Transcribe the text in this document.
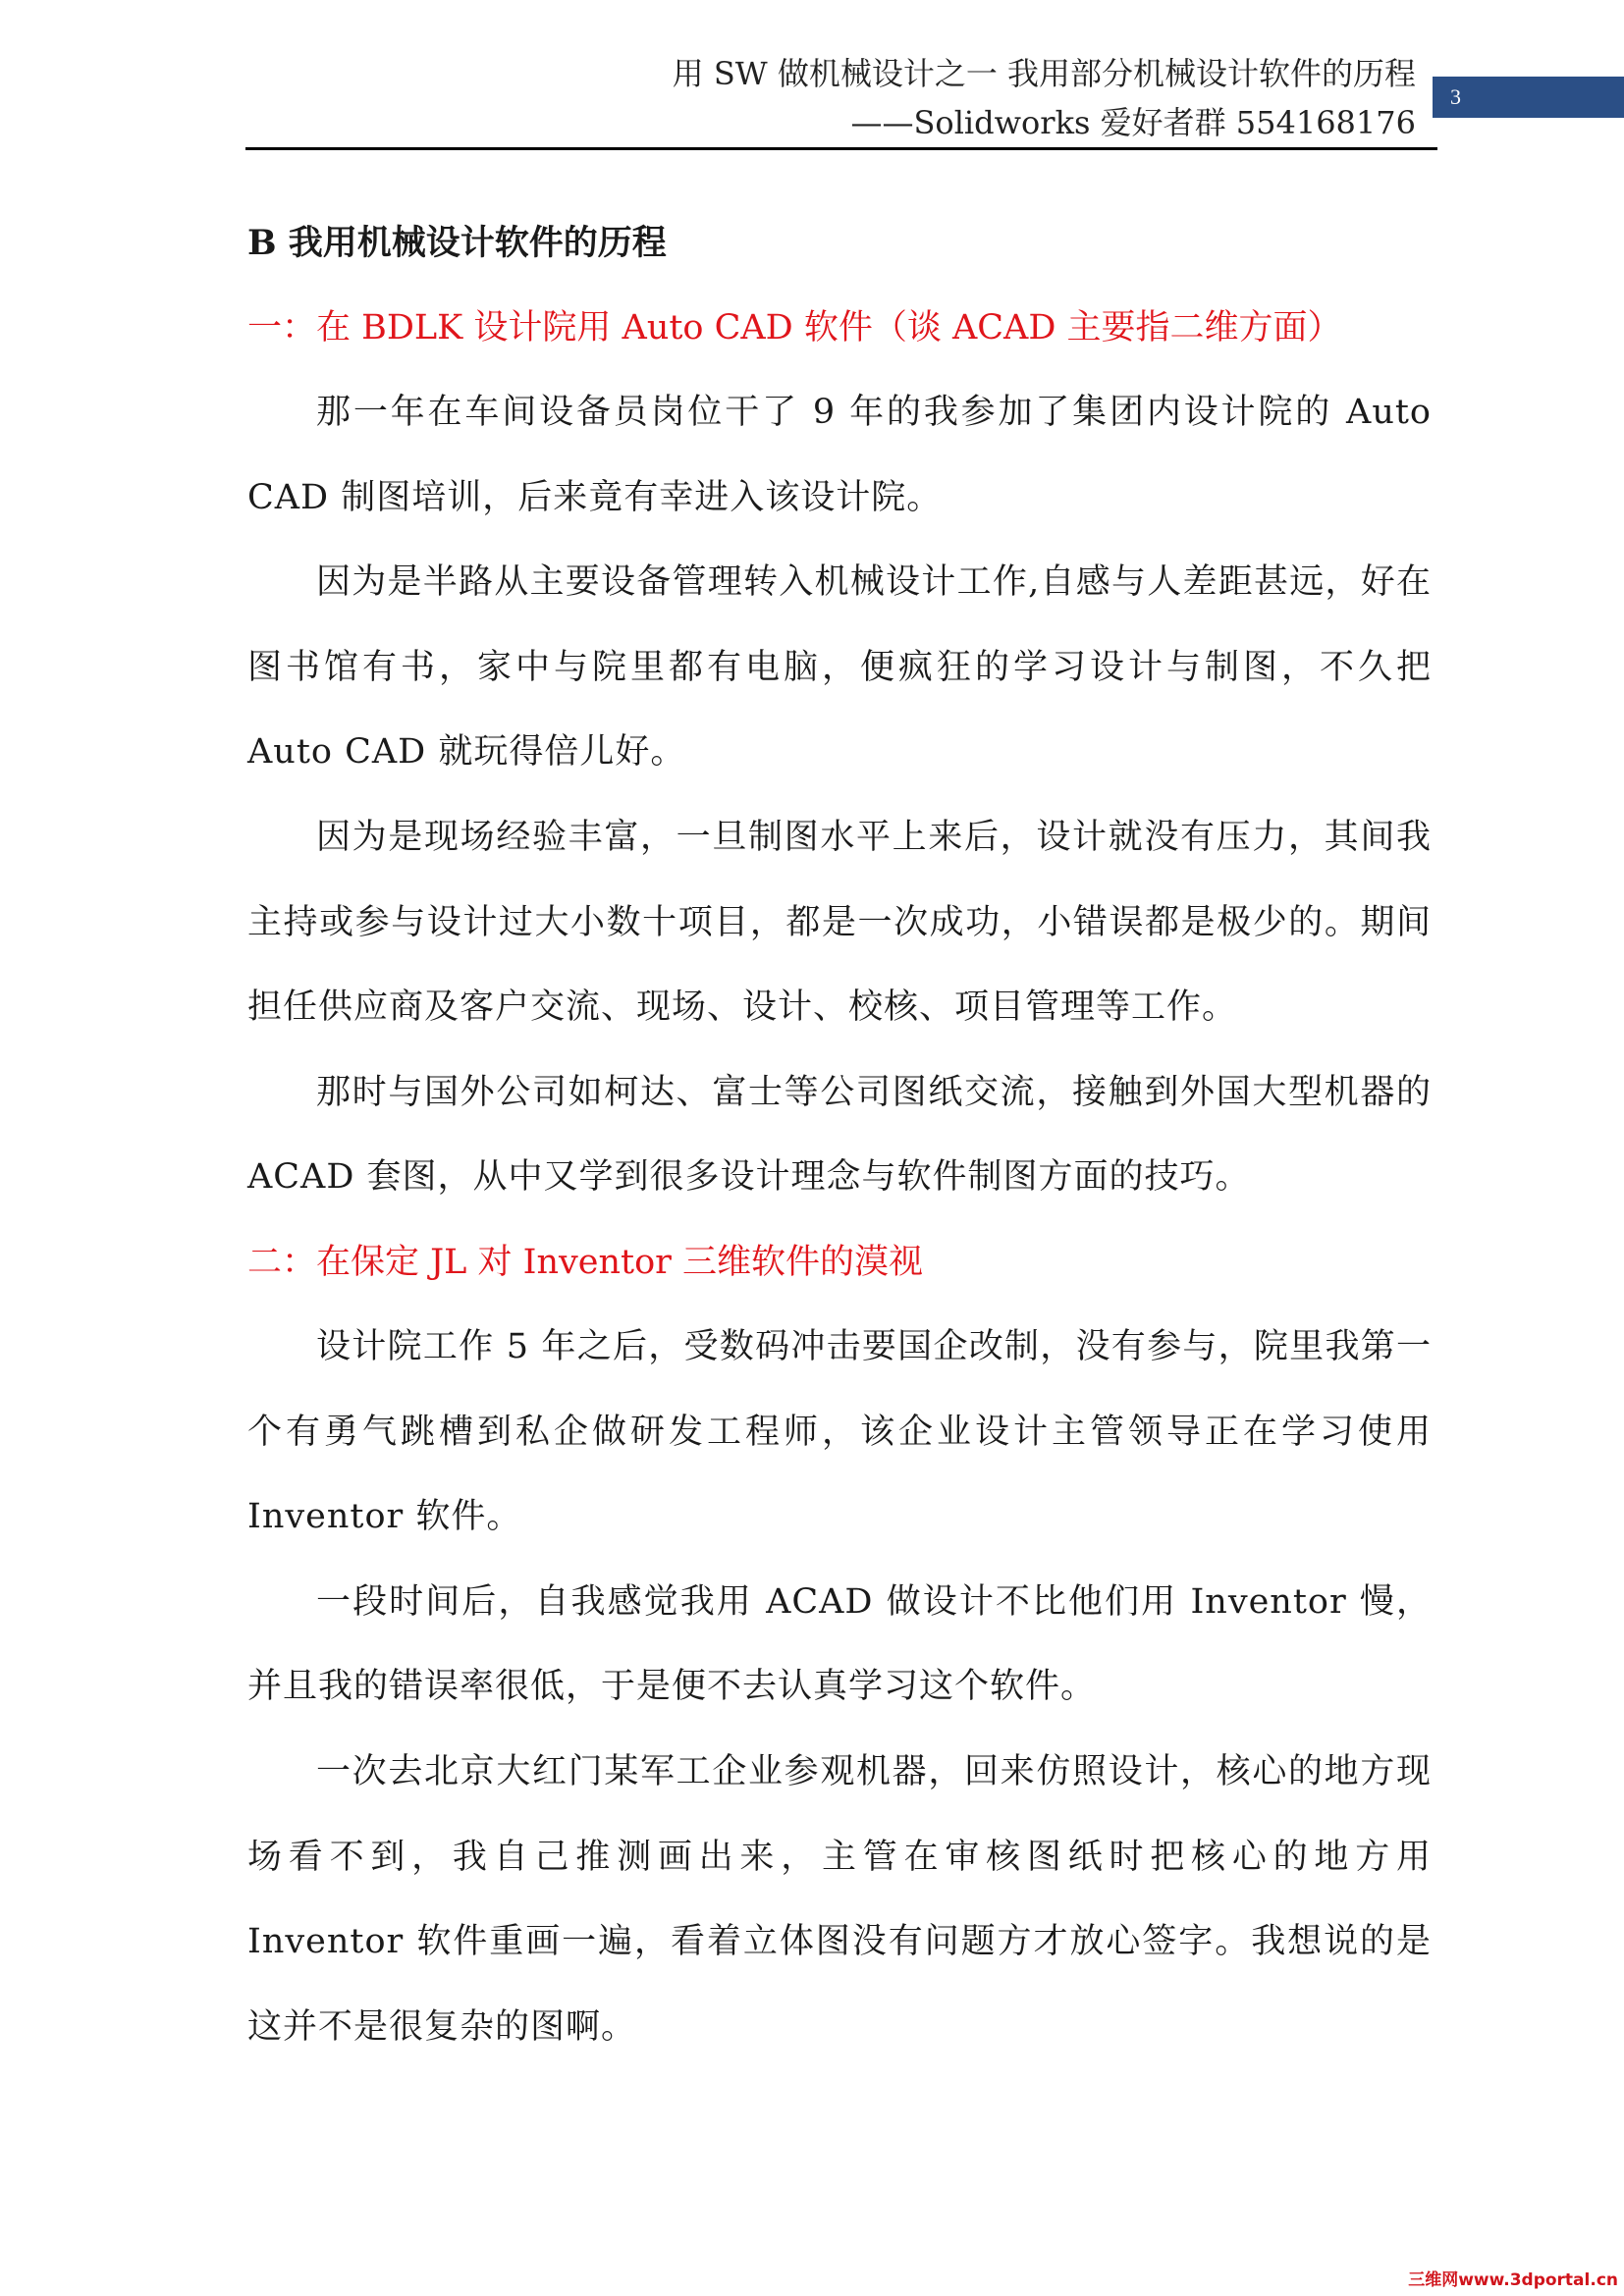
用 SW 做机械设计之一 我用部分机械设计软件的历程
——Solidworks 爱好者群 554168176
3

B 我用机械设计软件的历程

一：在 BDLK 设计院用 Auto CAD 软件（谈 ACAD 主要指二维方面）

那一年在车间设备员岗位干了 9 年的我参加了集团内设计院的 Auto CAD 制图培训，后来竟有幸进入该设计院。

因为是半路从主要设备管理转入机械设计工作,自感与人差距甚远，好在图书馆有书，家中与院里都有电脑，便疯狂的学习设计与制图，不久把 Auto CAD 就玩得倍儿好。

因为是现场经验丰富，一旦制图水平上来后，设计就没有压力，其间我主持或参与设计过大小数十项目，都是一次成功，小错误都是极少的。期间担任供应商及客户交流、现场、设计、校核、项目管理等工作。

那时与国外公司如柯达、富士等公司图纸交流，接触到外国大型机器的 ACAD 套图，从中又学到很多设计理念与软件制图方面的技巧。

二：在保定 JL 对 Inventor 三维软件的漠视

设计院工作 5 年之后，受数码冲击要国企改制，没有参与，院里我第一个有勇气跳槽到私企做研发工程师，该企业设计主管领导正在学习使用 Inventor 软件。

一段时间后，自我感觉我用 ACAD 做设计不比他们用 Inventor 慢，并且我的错误率很低，于是便不去认真学习这个软件。

一次去北京大红门某军工企业参观机器，回来仿照设计，核心的地方现场看不到，我自己推测画出来，主管在审核图纸时把核心的地方用 Inventor 软件重画一遍，看着立体图没有问题方才放心签字。我想说的是这并不是很复杂的图啊。

三维网www.3dportal.cn
